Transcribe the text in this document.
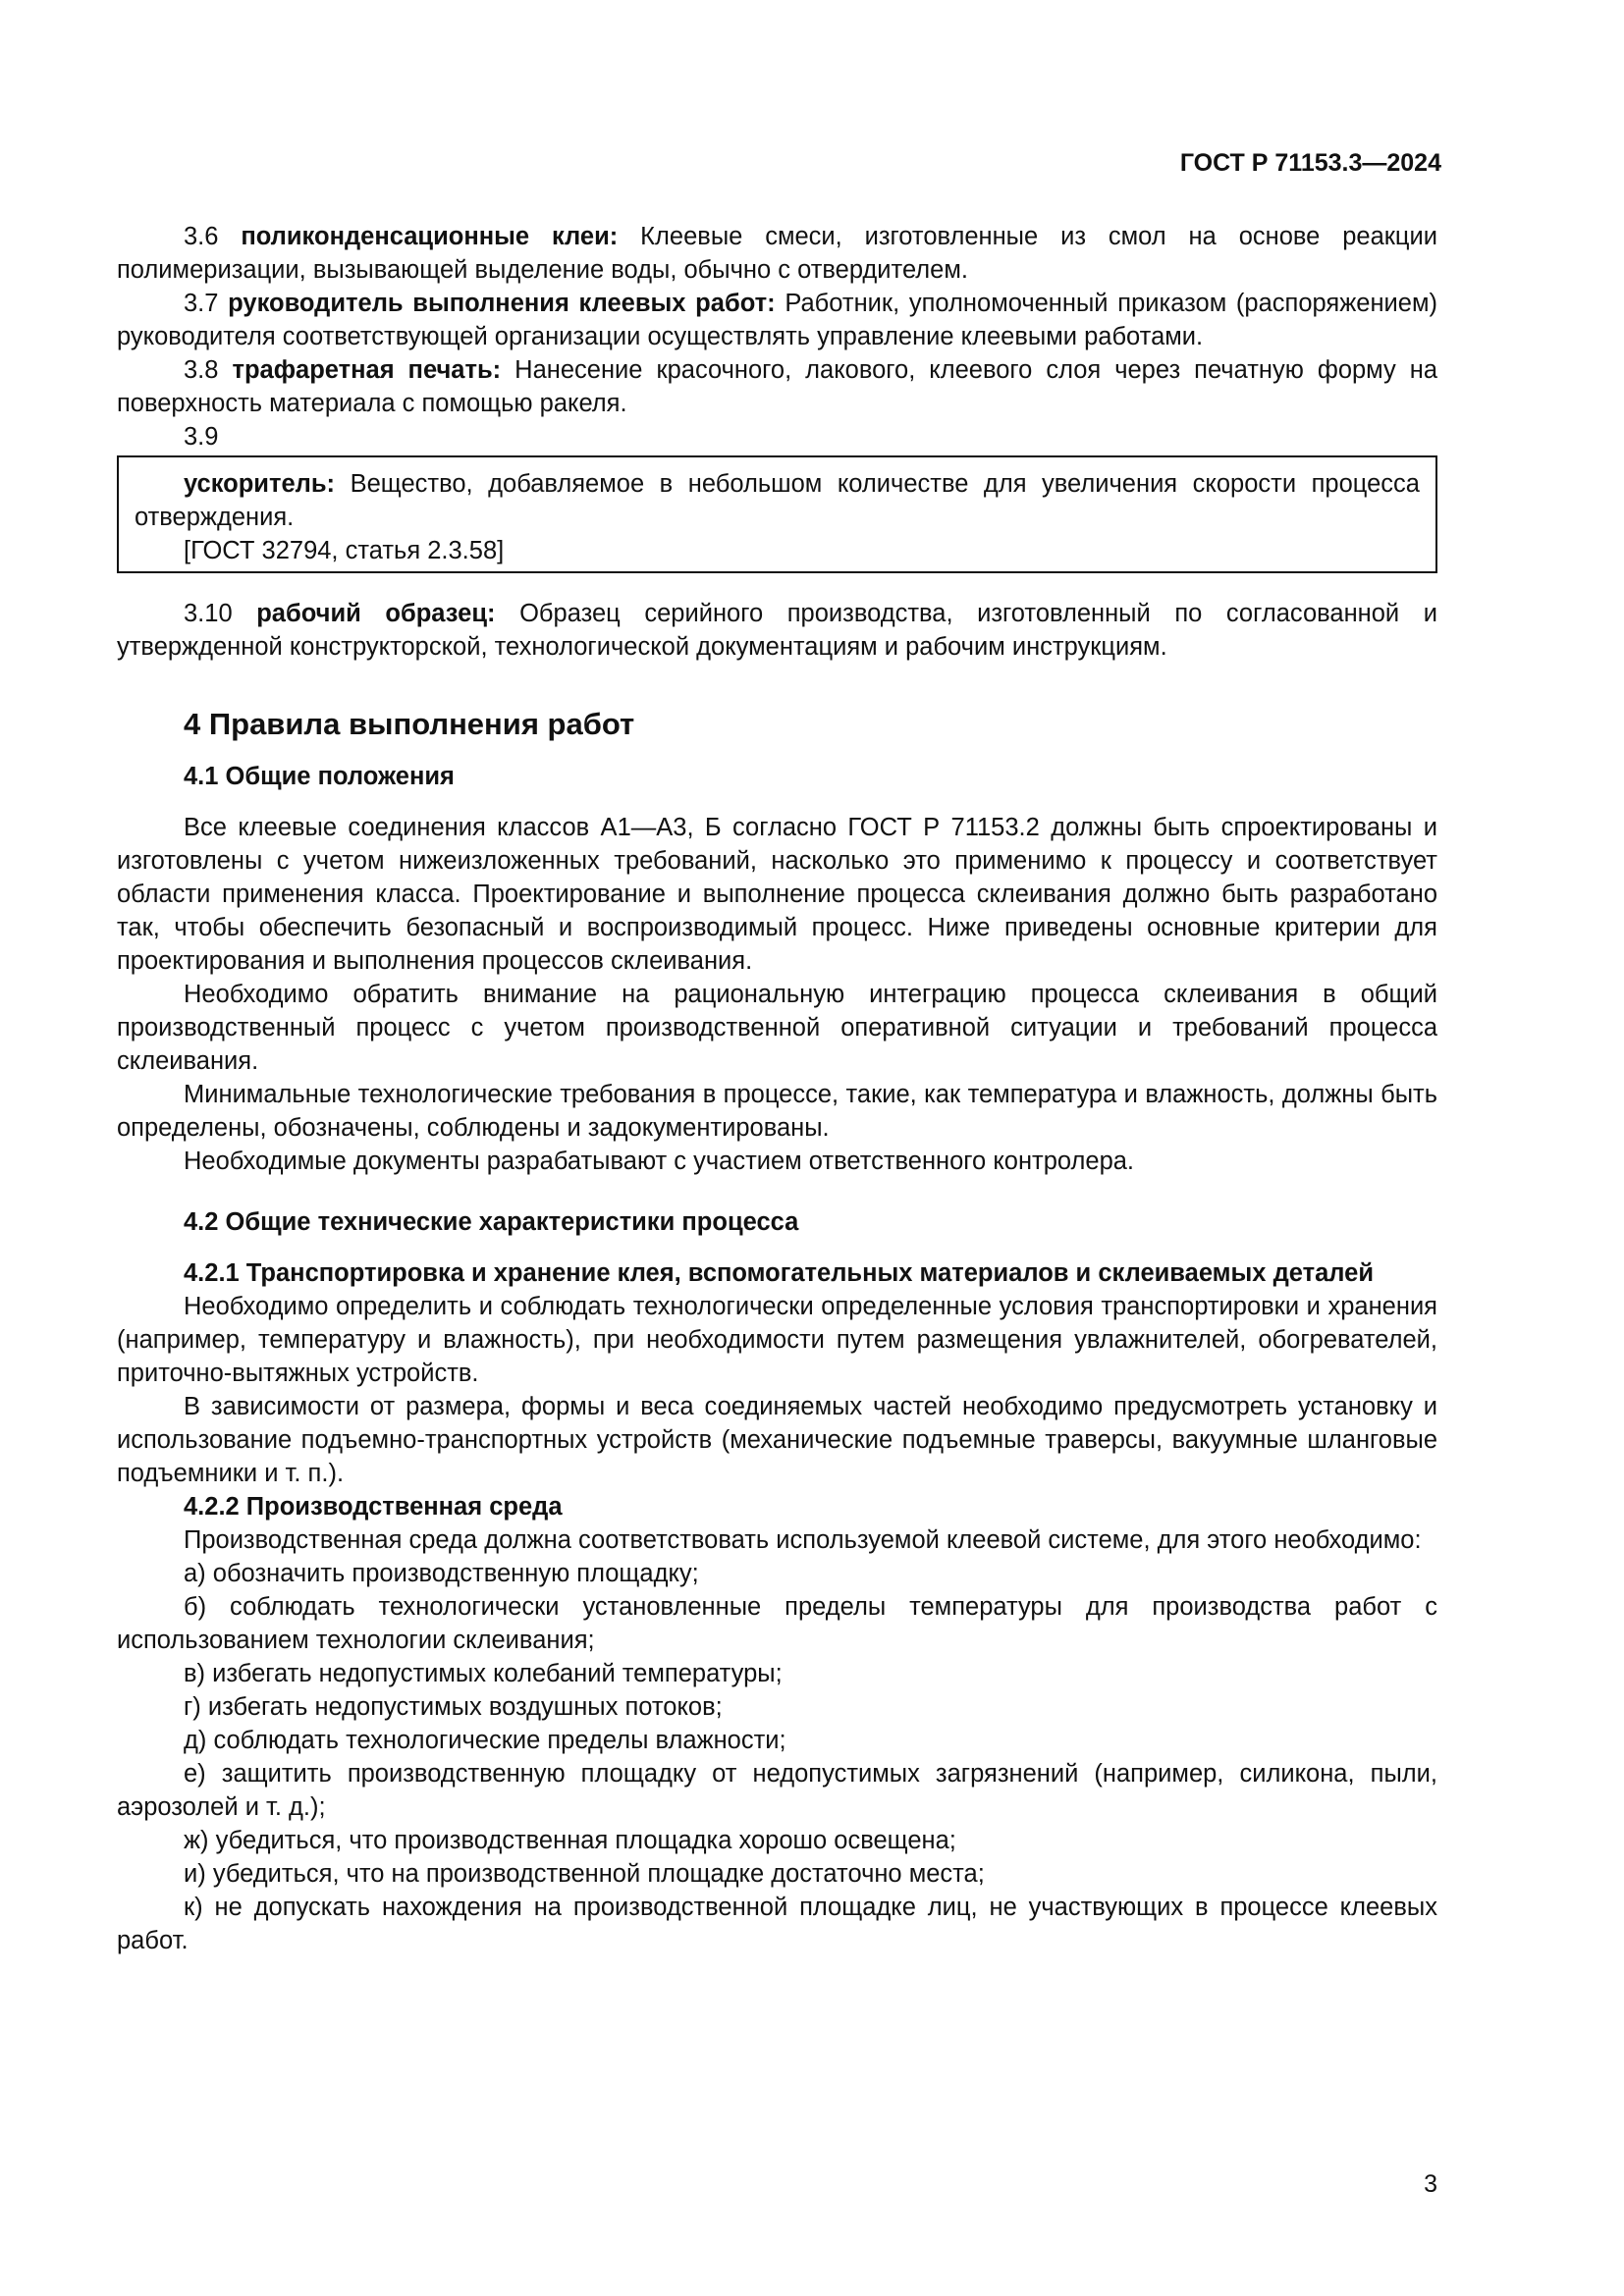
ГОСТ Р 71153.3—2024

3.6 поликонденсационные клеи: Клеевые смеси, изготовленные из смол на основе реакции полимеризации, вызывающей выделение воды, обычно с отвердителем.

3.7 руководитель выполнения клеевых работ: Работник, уполномоченный приказом (распоряжением) руководителя соответствующей организации осуществлять управление клеевыми работами.

3.8 трафаретная печать: Нанесение красочного, лакового, клеевого слоя через печатную форму на поверхность материала с помощью ракеля.

3.9

ускоритель: Вещество, добавляемое в небольшом количестве для увеличения скорости процесса отверждения.

[ГОСТ 32794, статья 2.3.58]

3.10 рабочий образец: Образец серийного производства, изготовленный по согласованной и утвержденной конструкторской, технологической документациям и рабочим инструкциям.

4 Правила выполнения работ
4.1 Общие положения

Все клеевые соединения классов А1—А3, Б согласно ГОСТ Р 71153.2 должны быть спроектированы и изготовлены с учетом нижеизложенных требований, насколько это применимо к процессу и соответствует области применения класса. Проектирование и выполнение процесса склеивания должно быть разработано так, чтобы обеспечить безопасный и воспроизводимый процесс. Ниже приведены основные критерии для проектирования и выполнения процессов склеивания.

Необходимо обратить внимание на рациональную интеграцию процесса склеивания в общий производственный процесс с учетом производственной оперативной ситуации и требований процесса склеивания.

Минимальные технологические требования в процессе, такие, как температура и влажность, должны быть определены, обозначены, соблюдены и задокументированы.

Необходимые документы разрабатывают с участием ответственного контролера.

4.2 Общие технические характеристики процесса
4.2.1 Транспортировка и хранение клея, вспомогательных материалов и склеиваемых деталей

Необходимо определить и соблюдать технологически определенные условия транспортировки и хранения (например, температуру и влажность), при необходимости путем размещения увлажнителей, обогревателей, приточно-вытяжных устройств.

В зависимости от размера, формы и веса соединяемых частей необходимо предусмотреть установку и использование подъемно-транспортных устройств (механические подъемные траверсы, вакуумные шланговые подъемники и т. п.).

4.2.2 Производственная среда

Производственная среда должна соответствовать используемой клеевой системе, для этого необходимо:

а) обозначить производственную площадку;

б) соблюдать технологически установленные пределы температуры для производства работ с использованием технологии склеивания;

в) избегать недопустимых колебаний температуры;

г) избегать недопустимых воздушных потоков;

д) соблюдать технологические пределы влажности;

е) защитить производственную площадку от недопустимых загрязнений (например, силикона, пыли, аэрозолей и т. д.);

ж) убедиться, что производственная площадка хорошо освещена;

и) убедиться, что на производственной площадке достаточно места;

к) не допускать нахождения на производственной площадке лиц, не участвующих в процессе клеевых работ.

3
